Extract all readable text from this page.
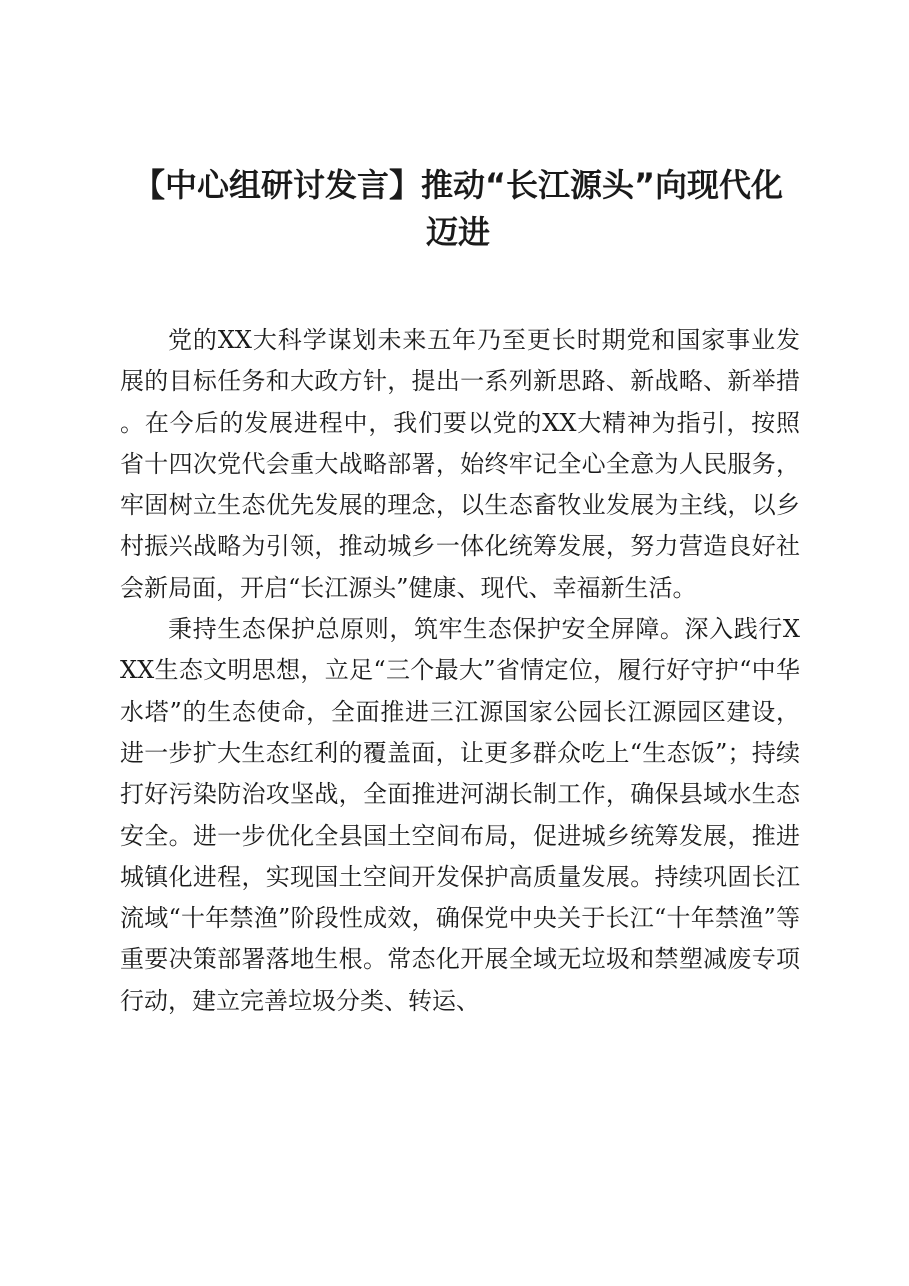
【中心组研讨发言】推动“长江源头”向现代化迈进

党的XX大科学谋划未来五年乃至更长时期党和国家事业发展的目标任务和大政方针，提出一系列新思路、新战略、新举措。在今后的发展进程中，我们要以党的XX大精神为指引，按照省十四次党代会重大战略部署，始终牢记全心全意为人民服务，牢固树立生态优先发展的理念，以生态畜牧业发展为主线，以乡村振兴战略为引领，推动城乡一体化统筹发展，努力营造良好社会新局面，开启“长江源头”健康、现代、幸福新生活。

秉持生态保护总原则，筑牢生态保护安全屏障。深入践行XXX生态文明思想，立足“三个最大”省情定位，履行好守护“中华水塔”的生态使命，全面推进三江源国家公园长江源园区建设，进一步扩大生态红利的覆盖面，让更多群众吃上“生态饭”；持续打好污染防治攻坚战，全面推进河湖长制工作，确保县域水生态安全。进一步优化全县国土空间布局，促进城乡统筹发展，推进城镇化进程，实现国土空间开发保护高质量发展。持续巩固长江流域“十年禁渔”阶段性成效，确保党中央关于长江“十年禁渔”等重要决策部署落地生根。常态化开展全域无垃圾和禁塑减废专项行动，建立完善垃圾分类、转运、
